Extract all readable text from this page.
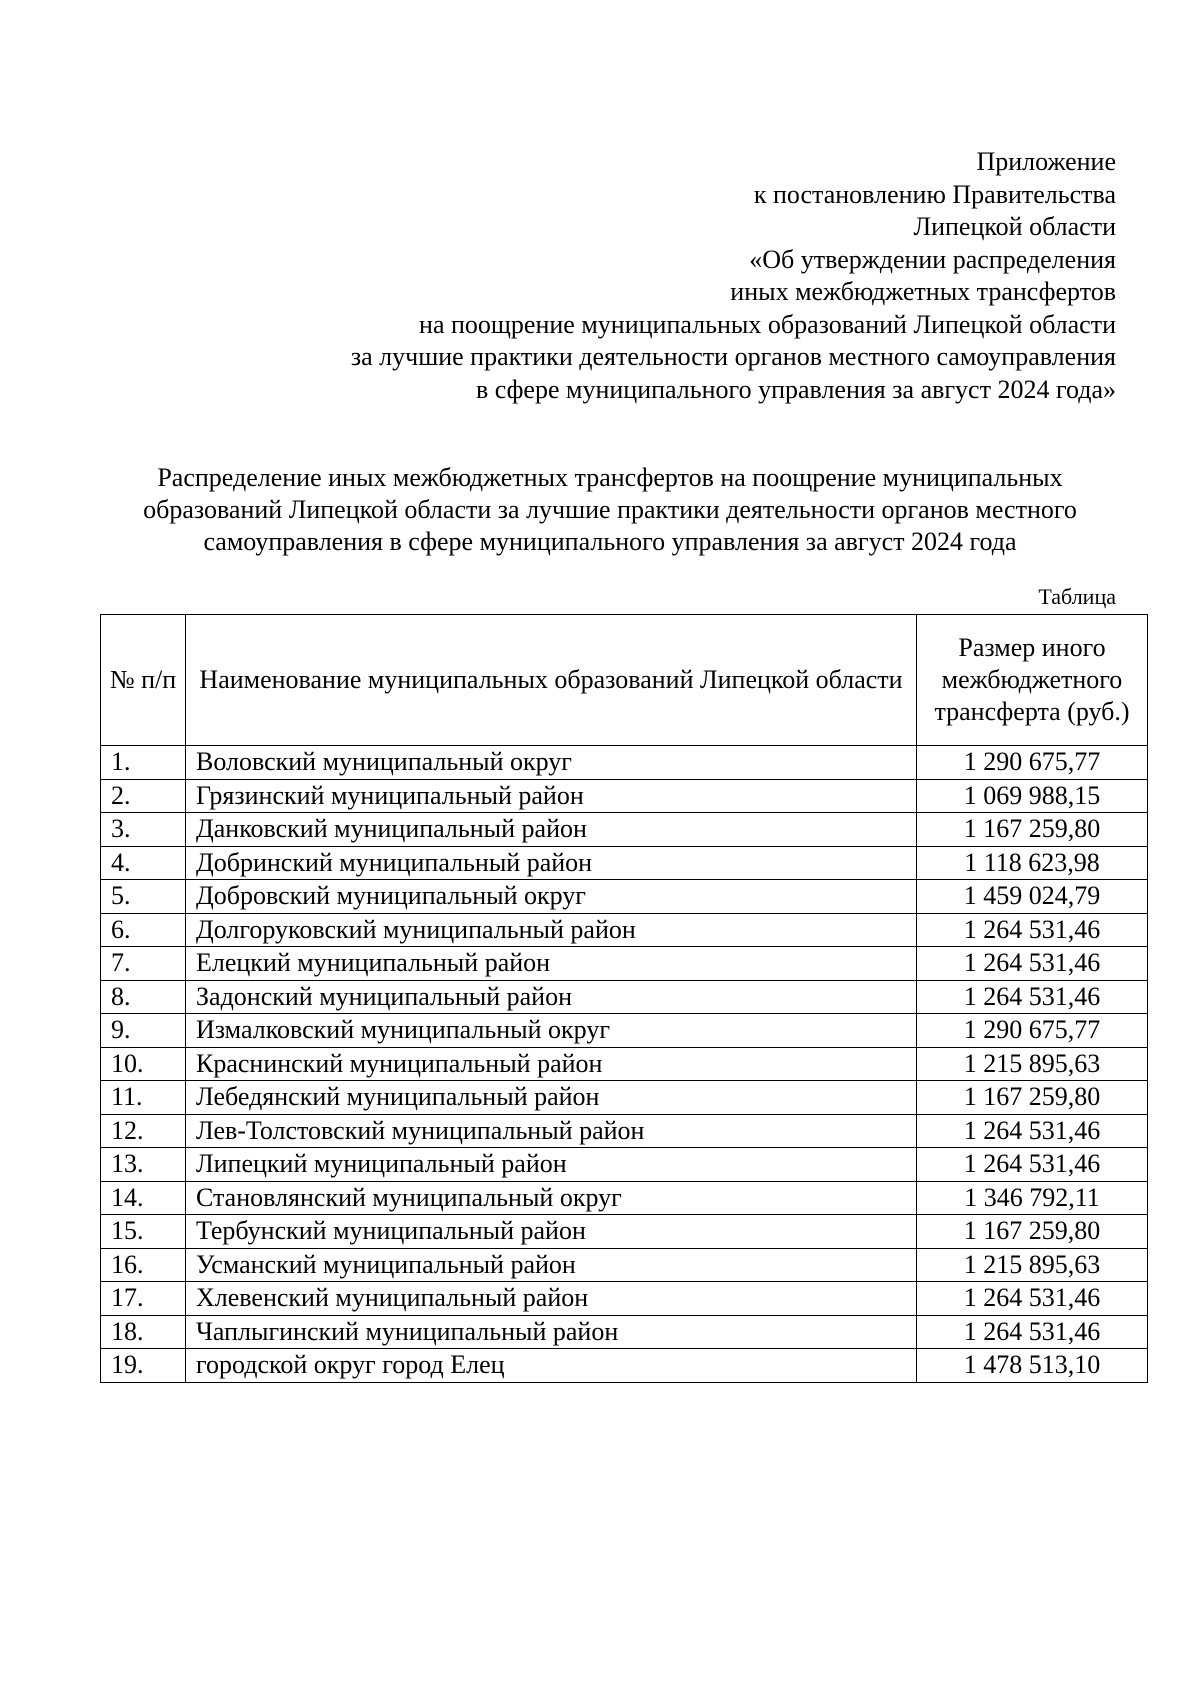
Приложение
к постановлению Правительства
Липецкой области
«Об утверждении распределения
иных межбюджетных трансфертов
на поощрение муниципальных образований Липецкой области
за лучшие практики деятельности органов местного самоуправления
в сфере муниципального управления за август 2024 года»
Распределение иных межбюджетных трансфертов на поощрение муниципальных
образований Липецкой области за лучшие практики деятельности органов местного
самоуправления в сфере муниципального управления за август 2024 года
Таблица
№ п/п	Наименование муниципальных образований Липецкой области	Размер иного межбюджетного трансферта (руб.)
1.	Воловский муниципальный округ	1 290 675,77
2.	Грязинский муниципальный район	1 069 988,15
3.	Данковский муниципальный район	1 167 259,80
4.	Добринский муниципальный район	1 118 623,98
5.	Добровский муниципальный округ	1 459 024,79
6.	Долгоруковский муниципальный район	1 264 531,46
7.	Елецкий муниципальный район	1 264 531,46
8.	Задонский муниципальный район	1 264 531,46
9.	Измалковский муниципальный округ	1 290 675,77
10.	Краснинский муниципальный район	1 215 895,63
11.	Лебедянский муниципальный район	1 167 259,80
12.	Лев-Толстовский муниципальный район	1 264 531,46
13.	Липецкий муниципальный район	1 264 531,46
14.	Становлянский муниципальный округ	1 346 792,11
15.	Тербунский муниципальный район	1 167 259,80
16.	Усманский муниципальный район	1 215 895,63
17.	Хлевенский муниципальный район	1 264 531,46
18.	Чаплыгинский муниципальный район	1 264 531,46
19.	городской округ город Елец	1 478 513,10
